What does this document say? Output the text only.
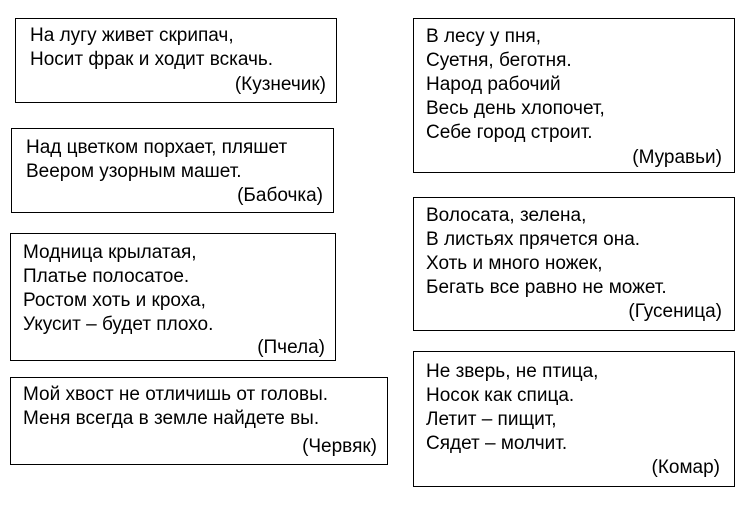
На лугу живет скрипач,
Носит фрак и ходит вскачь.
(Кузнечик)
Над цветком порхает, пляшет
Веером узорным машет.
(Бабочка)
Модница крылатая,
Платье полосатое.
Ростом хоть и кроха,
Укусит – будет плохо.
(Пчела)
Мой хвост не отличишь от головы.
Меня всегда в земле найдете вы.
(Червяк)
В лесу у пня,
Суетня, беготня.
Народ рабочий
Весь день хлопочет,
Себе город строит.
(Муравьи)
Волосата, зелена,
В листьях прячется она.
Хоть и много ножек,
Бегать все равно не может.
(Гусеница)
Не зверь, не птица,
Носок как спица.
Летит – пищит,
Сядет – молчит.
(Комар)
